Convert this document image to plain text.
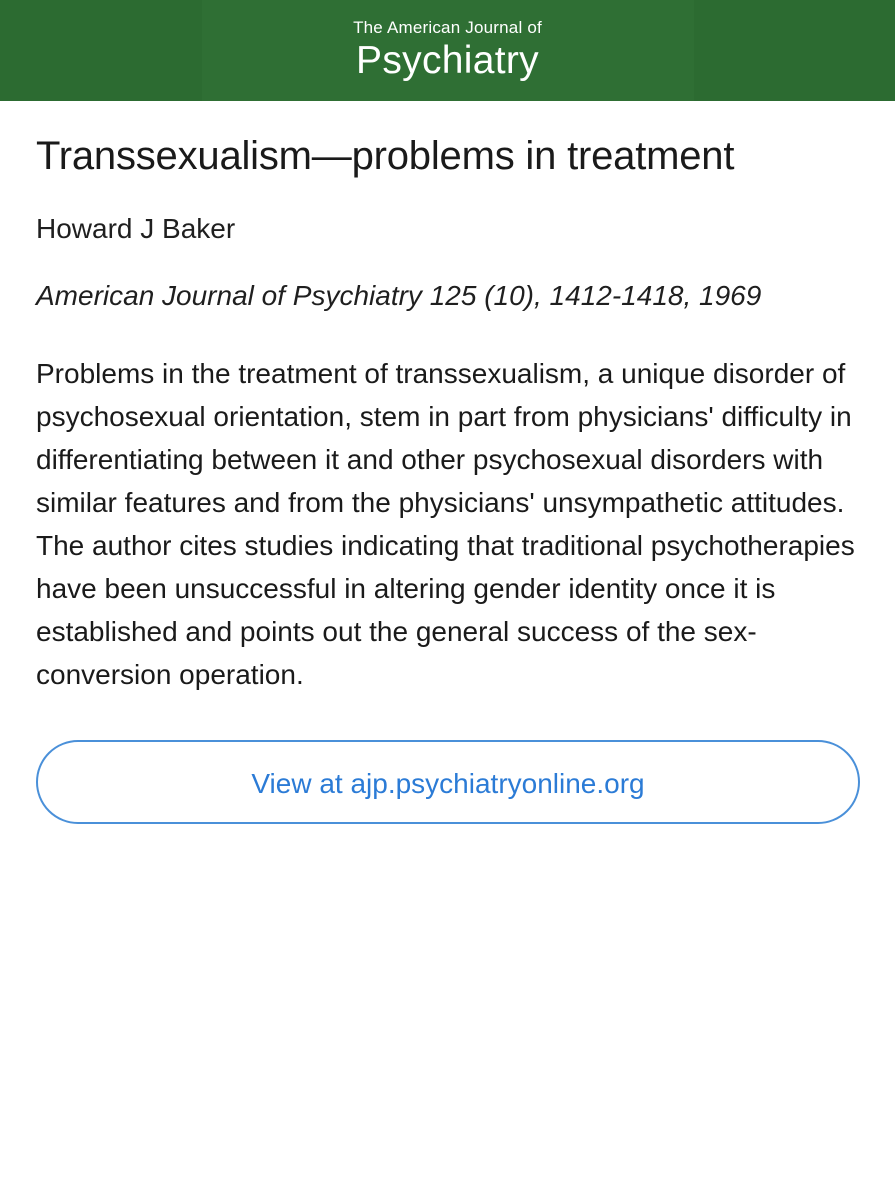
The American Journal of
Psychiatry
Transsexualism—problems in treatment
Howard J Baker
American Journal of Psychiatry 125 (10), 1412-1418, 1969
Problems in the treatment of transsexualism, a unique disorder of psychosexual orientation, stem in part from physicians' difficulty in differentiating between it and other psychosexual disorders with similar features and from the physicians' unsympathetic attitudes. The author cites studies indicating that traditional psychotherapies have been unsuccessful in altering gender identity once it is established and points out the general success of the sex-conversion operation.
View at ajp.psychiatryonline.org
